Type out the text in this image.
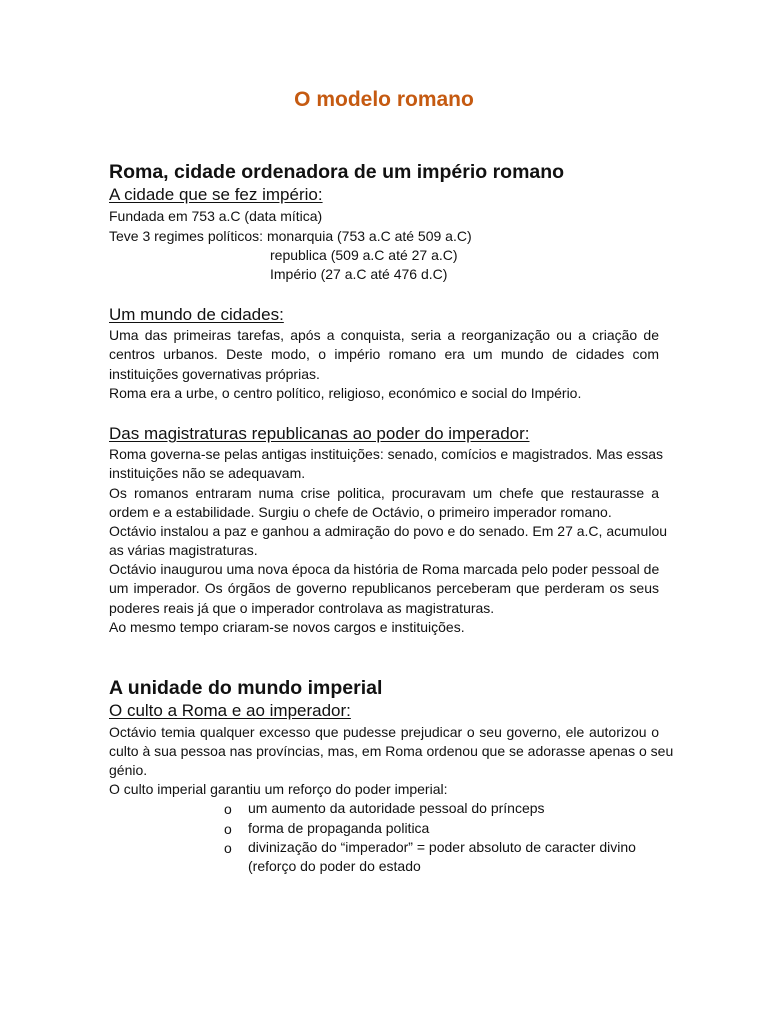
O modelo romano
Roma, cidade ordenadora de um império romano
A cidade que se fez império:
Fundada em 753 a.C (data mítica)
Teve 3 regimes políticos: monarquia (753 a.C até 509 a.C)
republica (509 a.C até 27 a.C)
Império (27 a.C até 476 d.C)
Um mundo de cidades:
Uma das primeiras tarefas, após a conquista, seria a reorganização ou a criação de
centros urbanos. Deste modo, o império romano era um mundo de cidades com
instituições governativas próprias.
Roma era a urbe, o centro político, religioso, económico e social do Império.
Das magistraturas republicanas ao poder do imperador:
Roma governa-se pelas antigas instituições: senado, comícios e magistrados. Mas essas
instituições não se adequavam.
Os romanos entraram numa crise politica, procuravam um chefe que restaurasse a
ordem e a estabilidade. Surgiu o chefe de Octávio, o primeiro imperador romano.
Octávio instalou a paz e ganhou a admiração do povo e do senado. Em 27 a.C, acumulou
as várias magistraturas.
Octávio inaugurou uma nova época da história de Roma marcada pelo poder pessoal de
um imperador. Os órgãos de governo republicanos perceberam que perderam os seus
poderes reais já que o imperador controlava as magistraturas.
Ao mesmo tempo criaram-se novos cargos e instituições.
A unidade do mundo imperial
O culto a Roma e ao imperador:
Octávio temia qualquer excesso que pudesse prejudicar o seu governo, ele autorizou o
culto à sua pessoa nas províncias, mas, em Roma ordenou que se adorasse apenas o seu
génio.
O culto imperial garantiu um reforço do poder imperial:
o um aumento da autoridade pessoal do prínceps
o forma de propaganda politica
o divinização do “imperador” = poder absoluto de caracter divino
(reforço do poder do estado
